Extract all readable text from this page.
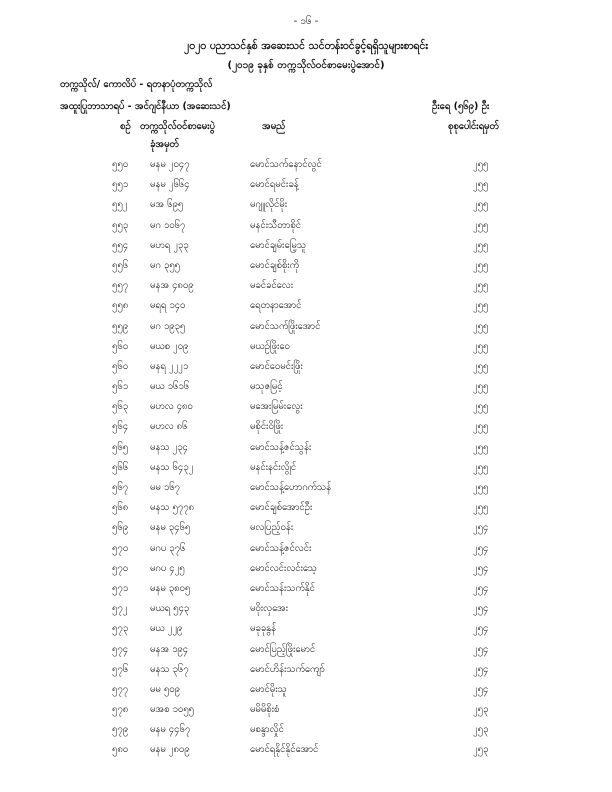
- ၁၆ -
၂၀၂၀ ပညာသင်နှစ် အဆေးသင် သင်တန်းဝင်ခွင့်ရရှိသူများစာရင်း
(၂၀၁၉ ခုနှစ် တက္ကသိုလ်ဝင်စာမေးပွဲအောင်)
တက္ကသိုလ်/ ကောလိပ် - ရတနာပုံတက္ကသိုလ်
အထူးပြုဘာသာရပ် - အင်ဂျင်နီယာ (အဆေးသင်)	ဦးရေ (၅၆၉) ဦး
စဉ် တက္ကသိုလ်ဝင်စာမေးပွဲ
ခုံအမှတ်
အမည်	စုစုပေါင်းရမှတ်
၅၅၀ မနမ ၂၀၄၇	မောင်သက်နောင်လွင်	၂၅၅
၅၅၁ မနမ ၂၆၆၄	မောင်ရမင်းခန့်	၂၅၅
၅၅၂ မအ ၆၉၅	မဂျူလိုင်မိုး	၂၅၅
၅၅၃ မဂ ၁၀၆၇	မနင်းသီတာစိုင်	၂၅၅
၅၅၄ မဟရ ၂၃၃	မောင်ချမ်းမြေ့သူ	၂၅၅
၅၅၆ မဂ ၃၅၅	မောင်ချစ်စိုးကို	၂၅၅
၅၅၇ မနအ ၄၈၀၉	မခင်ခင်လေး	၂၅၅
၅၅၈ မရရ ၁၄၀	ရေတနာအောင်	၂၅၅
၅၅၉ မဂ ၁၉၃၅	မောင်သက်ဖြိုးအောင်	၂၅၅
၅၆၀ မယစ ၂၀၉	မယဉ်ဖြိုးဝေ	၂၅၅
၅၆၀ မနရ ၂၂၂၁	မောင်ဝေမင်းဖြိုး	၂၅၅
၅၆၁ မယ ၁၆၁၆	မသုဇမြင့်	၂၅၅
၅၆၃ မဟလ ၄၈၀	မအေးမြမ်းလွေး	၂၅၅
၅၆၄ မဟလ ၈၆	မစိုင်းဝိဖြိုး	၂၅၅
၅၆၅ မနသ ၂၃၄	မောင်သန့်ဇင်သွန်း	၂၅၅
၅၆၆ မနသ ၆၄၃၂	မနင်းနင်းလွိုင်	၂၅၅
၅၆၇ မမ ၁၆၇	မောင်သန့်ဟောဂက်သန်	၂၅၅
၅၆၈ မနသ ၅၇၇၈	မောင်ချစ်အောင်ဦး	၂၅၅
၅၆၉ မနမ ၃၄၆၅	မလပြည့်ဝန်း	၂၅၄
၅၇၀ မဂပ ၃၇၆	မောင်သန့်ဇင်လင်း	၂၅၄
၅၇၀ မဂပ ၄၂၅	မောင်လင်းလင်းသေ့	၂၅၄
၅၇၁ မနမ ၃၈၀၅	မောင်သန်းသက်နိုင်	၂၅၄
၅၇၂ မယရ ၅၄၃	မဝိုးလှအေး	၂၅၄
၅၇၃ မယ ၂၂၉	မခုခုနွန်	၂၅၄
၅၇၄ မနအ ၁၉၄	မောင်ပြည့်ဖြိုးမောင်	၂၅၄
၅၇၆ မနသ ၃၆၇	မောင်ဟိန်းသက်ကျော်	၂၅၄
၅၇၇ မမ ၅၀၉	မောင်မိုးသူ	၂၅၄
၅၇၈ မအစ ၁၀၅၅	မမိမိစိုးစံ	၂၅၃
၅၇၉ မနမ ၄၄၆၇	မစန္ဒာလှိုင်	၂၅၃
၅၈၀ မနမ ၂၈၀၉	မောင်ရနိုင်နိုင်အောင်	၂၅၃
